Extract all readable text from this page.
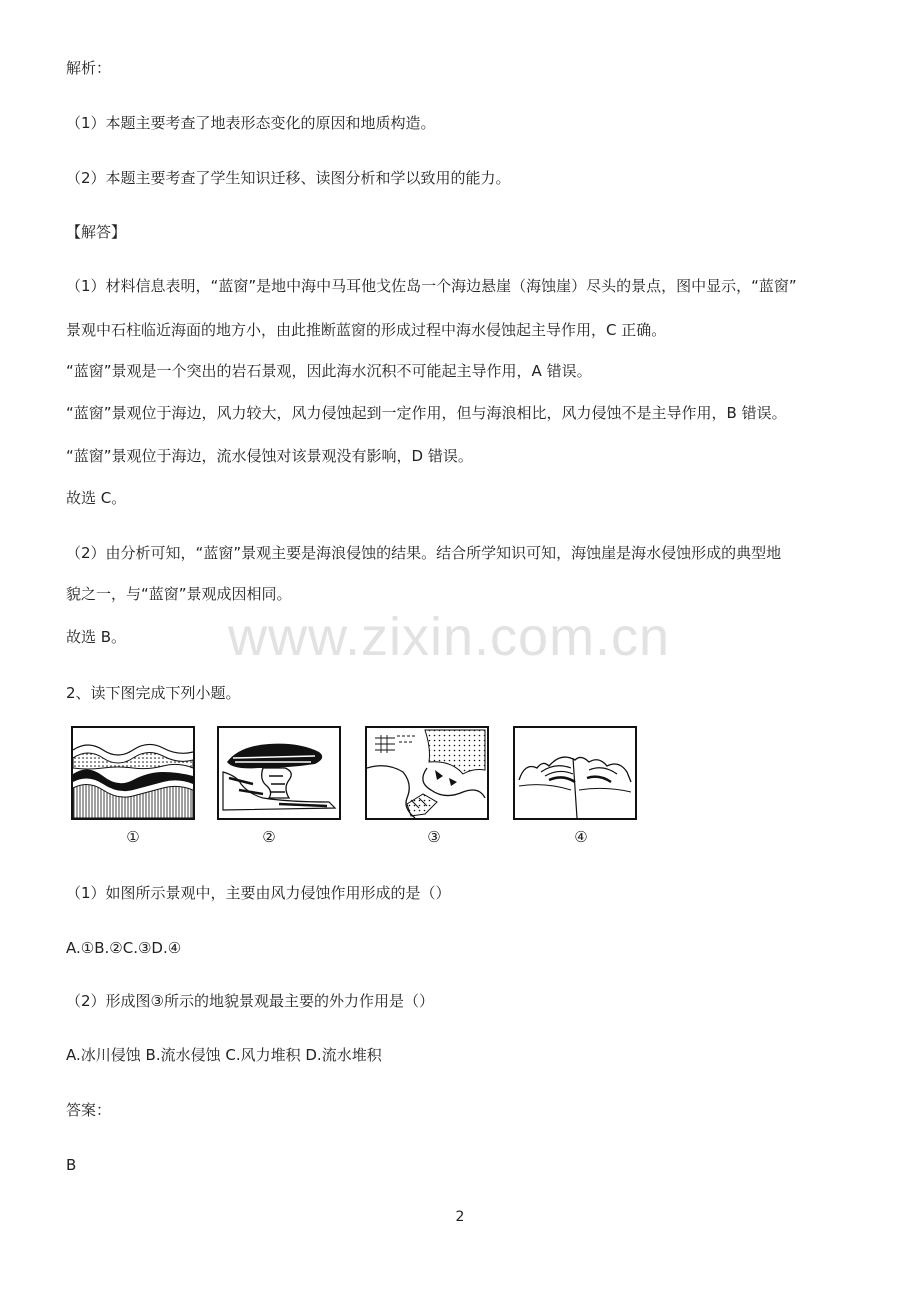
www.zixin.com.cn
解析：
（1）本题主要考查了地表形态变化的原因和地质构造。
（2）本题主要考查了学生知识迁移、读图分析和学以致用的能力。
【解答】
（1）材料信息表明，“蓝窗”是地中海中马耳他戈佐岛一个海边悬崖（海蚀崖）尽头的景点，图中显示，“蓝窗”
景观中石柱临近海面的地方小，由此推断蓝窗的形成过程中海水侵蚀起主导作用，C 正确。
“蓝窗”景观是一个突出的岩石景观，因此海水沉积不可能起主导作用，A 错误。
“蓝窗”景观位于海边，风力较大，风力侵蚀起到一定作用，但与海浪相比，风力侵蚀不是主导作用，B 错误。
“蓝窗”景观位于海边，流水侵蚀对该景观没有影响，D 错误。
故选 C。
（2）由分析可知，“蓝窗”景观主要是海浪侵蚀的结果。结合所学知识可知，海蚀崖是海水侵蚀形成的典型地
貌之一，与“蓝窗”景观成因相同。
故选 B。
2、读下图完成下列小题。
①	②	③	④
（1）如图所示景观中，主要由风力侵蚀作用形成的是（）
A.①B.②C.③D.④
（2）形成图③所示的地貌景观最主要的外力作用是（）
A.冰川侵蚀 B.流水侵蚀 C.风力堆积 D.流水堆积
答案：
B
2
